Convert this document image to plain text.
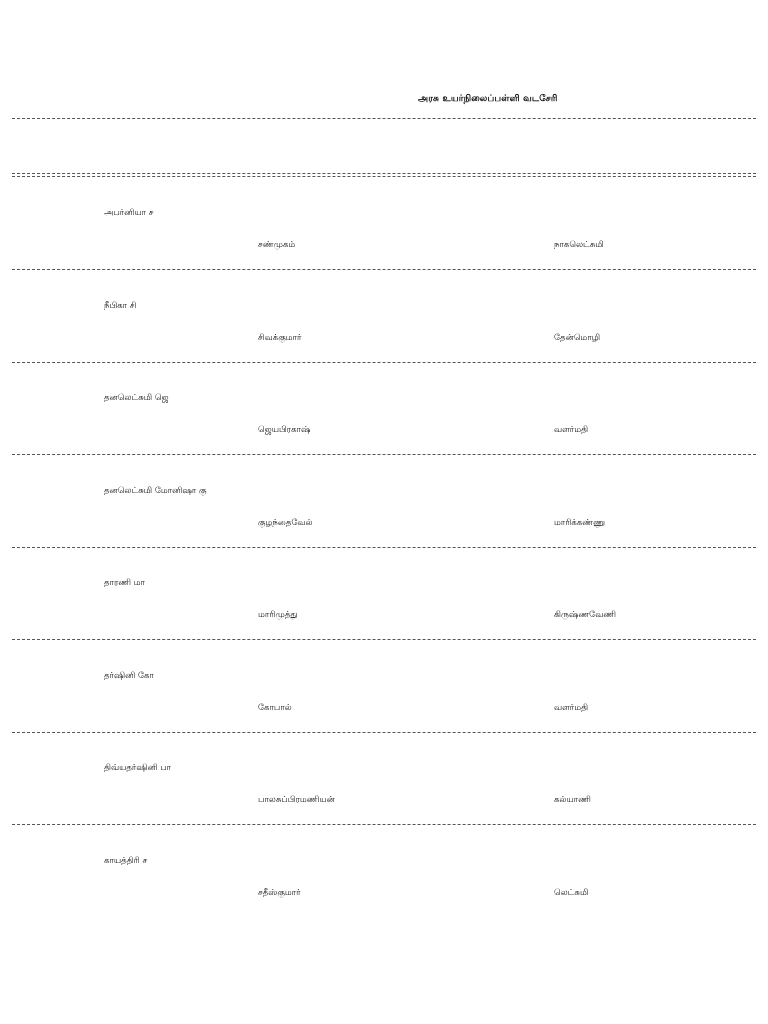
அரசு உயர்நிலைப்பள்ளி வடசேரி
அபர்னியா ச
சண்முகம்	நாகலெட்சுமி
நீபிகா சி
சிவக்குமார்	தேன்மொழி
தனலெட்சுமி ஜெ
ஜெயபிரகாஷ்	வளர்மதி
தனலெட்சுமி மோனிஷா கு
குழந்தைவேல்	மாரிக்கண்ணு
தாரணி மா
மாரிமுத்து	கிருஷ்ணவேணி
தர்ஷினி கோ
கோபால்	வளர்மதி
திவ்யதர்ஷினி பா
பாலசுப்பிரமணியன்	கல்யாணி
காயத்திரி ச
சதீஸ்குமார்	லெட்சுமி
